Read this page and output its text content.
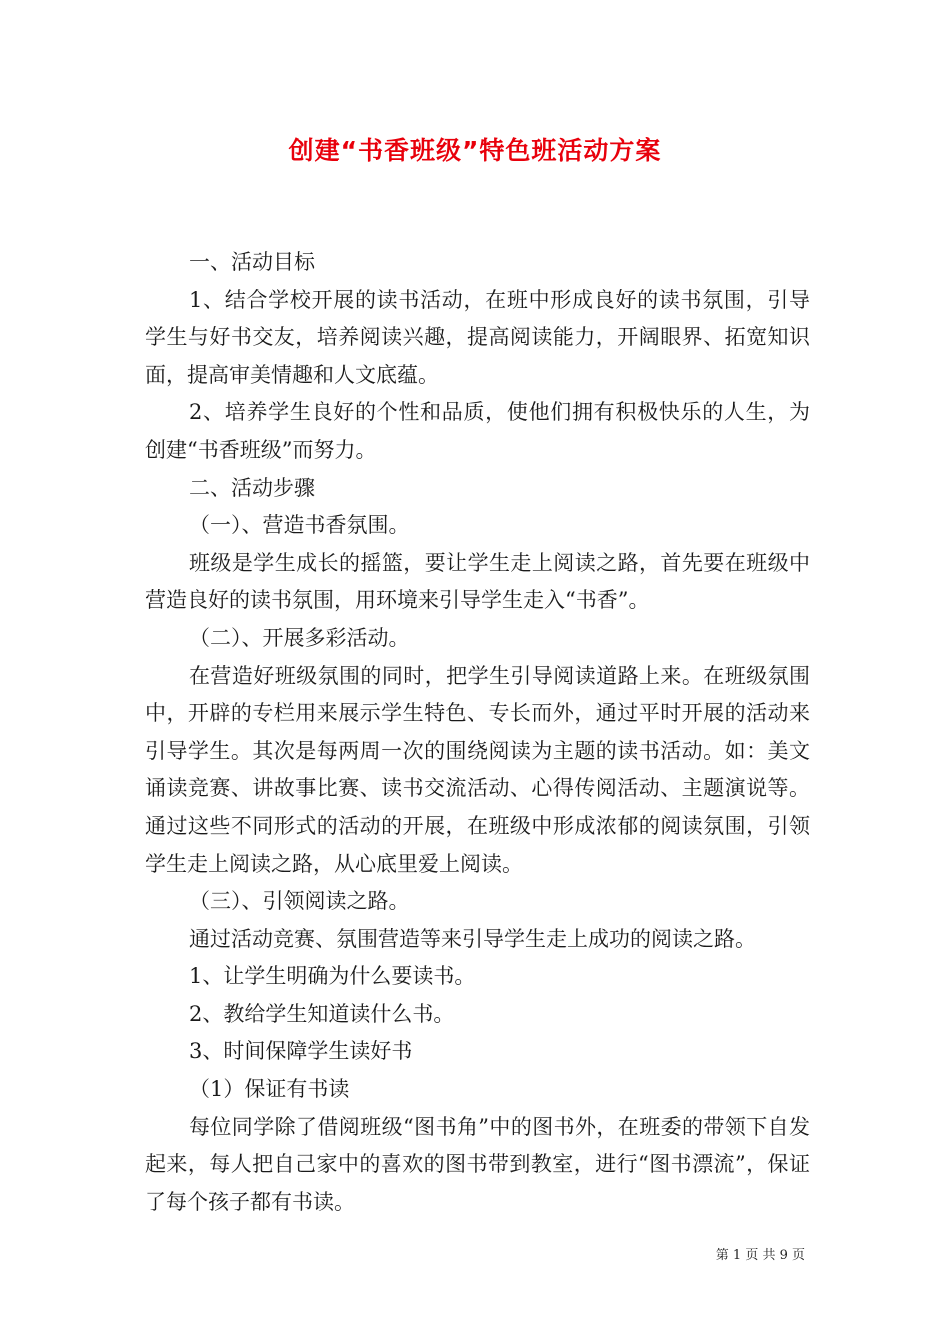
创建“书香班级”特色班活动方案

一、活动目标

1、结合学校开展的读书活动，在班中形成良好的读书氛围，引导学生与好书交友，培养阅读兴趣，提高阅读能力，开阔眼界、拓宽知识面，提高审美情趣和人文底蕴。

2、培养学生良好的个性和品质，使他们拥有积极快乐的人生，为创建“书香班级”而努力。

二、活动步骤

（一）、营造书香氛围。

班级是学生成长的摇篮，要让学生走上阅读之路，首先要在班级中营造良好的读书氛围，用环境来引导学生走入“书香”。

（二）、开展多彩活动。

在营造好班级氛围的同时，把学生引导阅读道路上来。在班级氛围中，开辟的专栏用来展示学生特色、专长而外，通过平时开展的活动来引导学生。其次是每两周一次的围绕阅读为主题的读书活动。如：美文诵读竞赛、讲故事比赛、读书交流活动、心得传阅活动、主题演说等。通过这些不同形式的活动的开展，在班级中形成浓郁的阅读氛围，引领学生走上阅读之路，从心底里爱上阅读。

（三）、引领阅读之路。

通过活动竞赛、氛围营造等来引导学生走上成功的阅读之路。

1、让学生明确为什么要读书。

2、教给学生知道读什么书。

3、时间保障学生读好书

（1）保证有书读

每位同学除了借阅班级“图书角”中的图书外，在班委的带领下自发起来，每人把自己家中的喜欢的图书带到教室，进行“图书漂流”，保证了每个孩子都有书读。

第 1 页 共 9 页
